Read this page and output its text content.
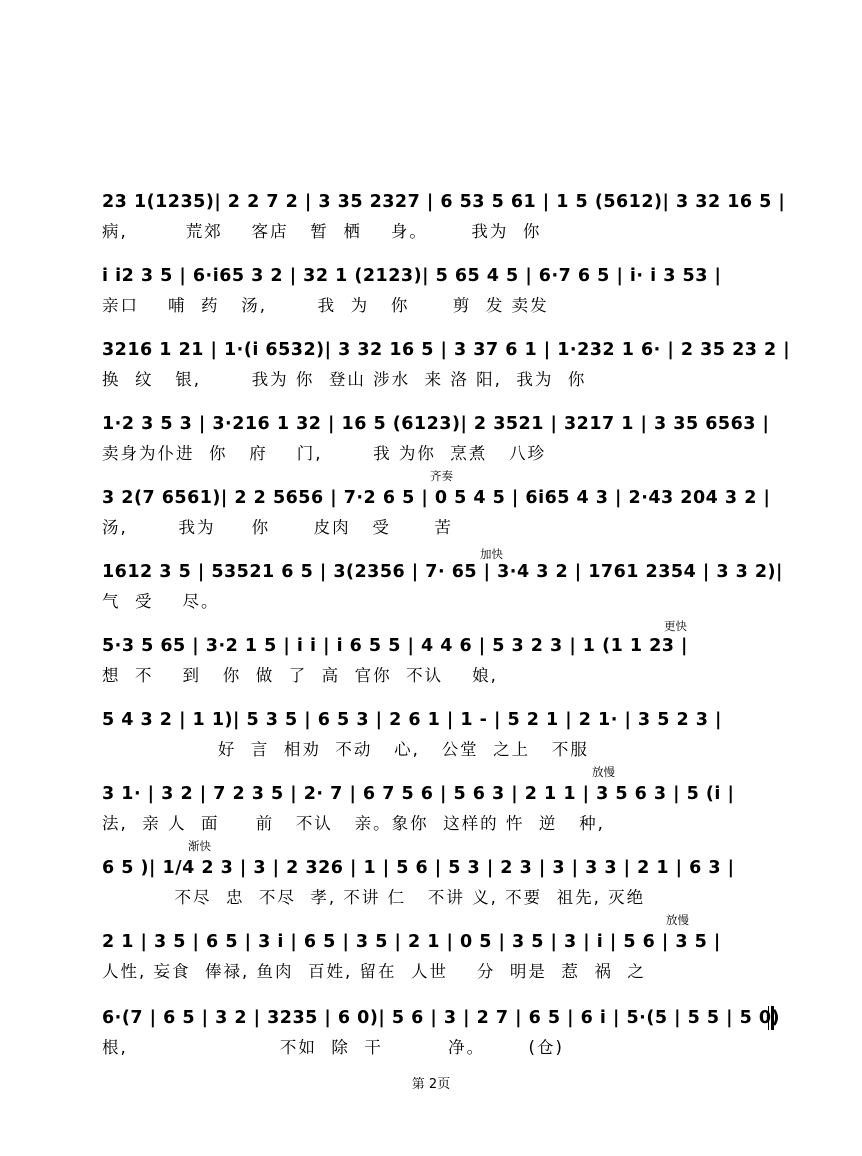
23 1(1235)| 2 2 7 2 | 3 35 2327 | 6 53 5 61 | 1 5 (5612)| 3 32 16 5 |
病,        荒郊    客店   暂  栖    身。      我为  你
i i2 3 5 | 6·i65 3 2 | 32 1 (2123)| 5 65 4 5 | 6·7 6 5 | i· i 3 53 |
亲口    哺  药   汤,       我  为   你      剪  发 卖发
3216 1 21 | 1·(i 6532)| 3 32 16 5 | 3 37 6 1 | 1·232 1 6· | 2 35 23 2 |
换  纹   银,       我为 你  登山 涉水  来 洛 阳,  我为  你
1·2 3 5 3 | 3·216 1 32 | 16 5 (6123)| 2 3521 | 3217 1 | 3 35 6563 |
卖身为仆进  你   府    门,       我 为你  烹煮   八珍
齐奏
3 2(7 6561)| 2 2 5656 | 7·2 6 5 | 0 5 4 5 | 6i65 4 3 | 2·43 204 3 2 |
汤,       我为     你      皮肉   受      苦
加快
1612 3 5 | 53521 6 5 | 3(2356 | 7· 65 | 3·4 3 2 | 1761 2354 | 3 3 2)|
气  受    尽。
更快
5·3 5 65 | 3·2 1 5 | i i | i 6 5 5 | 4 4 6 | 5 3 2 3 | 1 (1 1 23 |
想  不    到   你  做  了  高  官你  不认    娘,
5 4 3 2 | 1 1)| 5 3 5 | 6 5 3 | 2 6 1 | 1 - | 5 2 1 | 2 1· | 3 5 2 3 |
好  言  相劝  不动   心,   公堂  之上   不服
放慢
3 1· | 3 2 | 7 2 3 5 | 2· 7 | 6 7 5 6 | 5 6 3 | 2 1 1 | 3 5 6 3 | 5 (i |
法,  亲 人  面     前   不认   亲。象你  这样的 忤  逆   种,
渐快
6 5 )| 1/4 2 3 | 3 | 2 326 | 1 | 5 6 | 5 3 | 2 3 | 3 | 3 3 | 2 1 | 6 3 |
不尽  忠  不尽  孝, 不讲 仁   不讲 义, 不要  祖先, 灭绝
放慢
2 1 | 3 5 | 6 5 | 3 i | 6 5 | 3 5 | 2 1 | 0 5 | 3 5 | 3 | i | 5 6 | 3 5 |
人性, 妄食  俸禄, 鱼肉  百姓, 留在  人世    分  明是  惹  祸  之
6·(7 | 6 5 | 3 2 | 3235 | 6 0)| 5 6 | 3 | 2 7 | 6 5 | 6 i | 5·(5 | 5 5 | 5 0)
根,                     不如  除  干         净。      (仓)
第 2页
